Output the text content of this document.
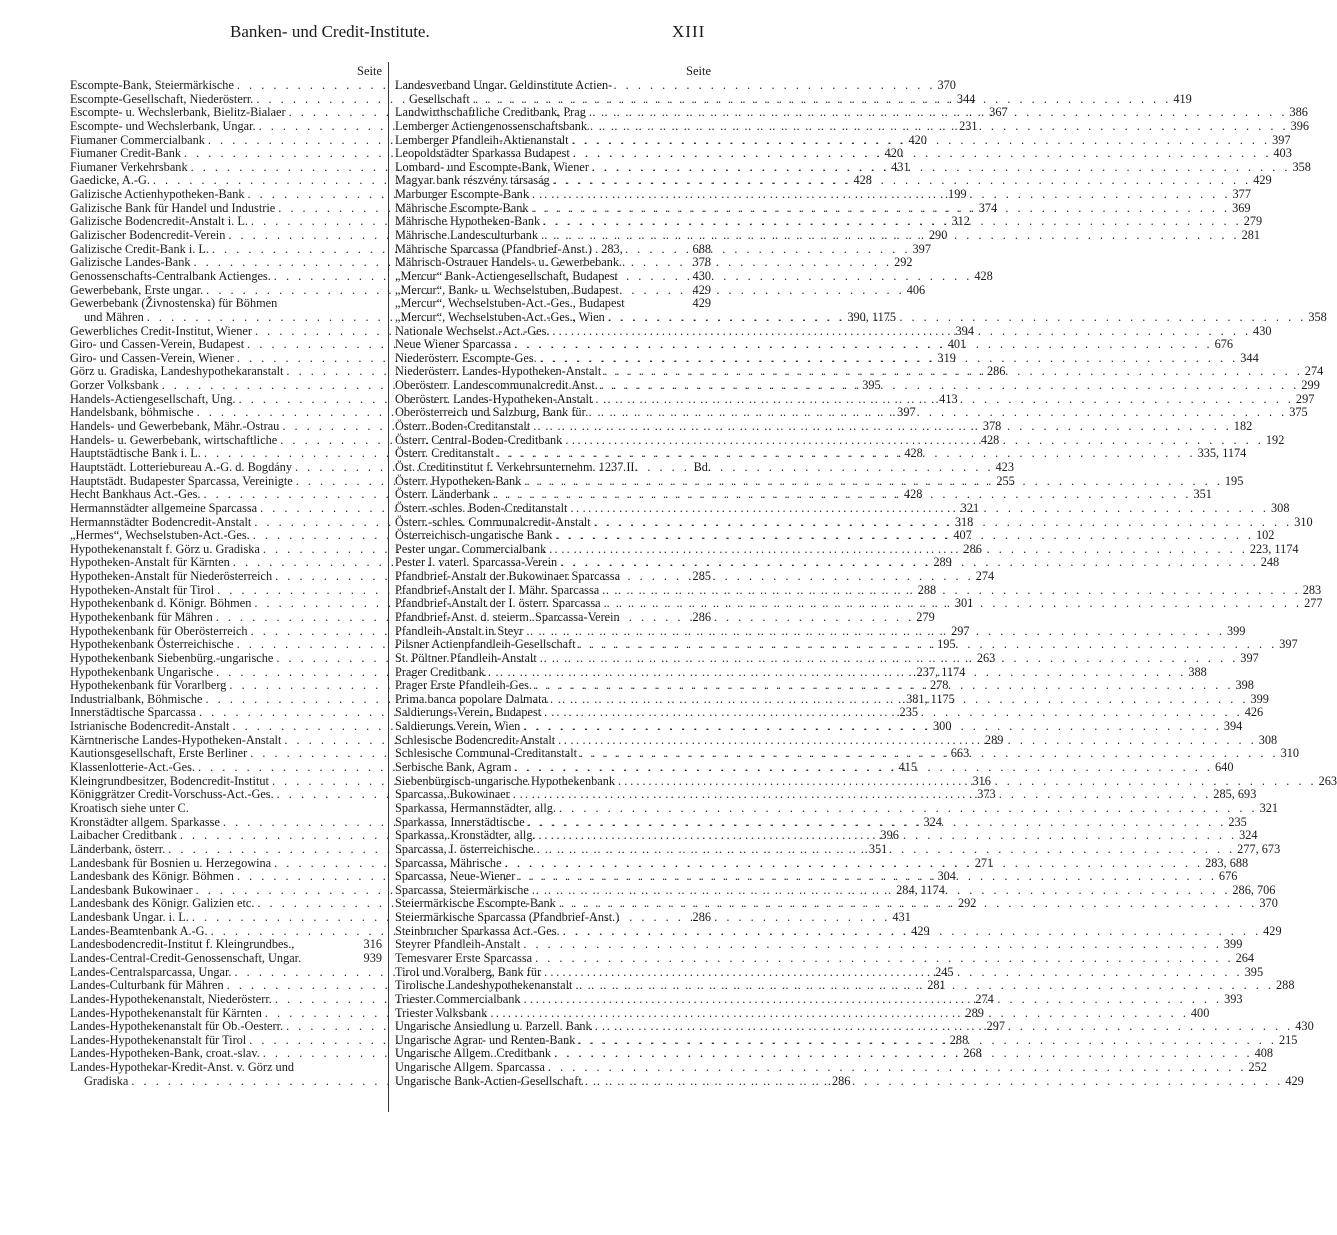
Banken- und Credit-Institute.	XIII
Seite
Escompte-Bank, Steiermärkische . . .	370
Escompte-Gesellschaft, Niederösterr. . . .	344
Escompte- u. Wechslerbank, Bielitz-Bialaer . . .	367
Escompte- und Wechslerbank, Ungar. . . .	231
Fiumaner Commercialbank . . .	420
Fiumaner Credit-Bank . . .	420
Fiumaner Verkehrsbank . . .	431
Gaedicke, A.-G. . . .	428
Galizische Actienhypotheken-Bank . . .	199
Galizische Bank für Handel und Industrie . . .	374
Galizische Bodencredit-Anstalt i. L. . . .	312
Galizischer Bodencredit-Verein . . .	290
Galizische Credit-Bank i. L. . . .	397
Galizische Landes-Bank . . .	292
Genossenschafts-Centralbank Actienges. . . .	428
Gewerbebank, Erste ungar. . . .	406
Gewerbebank (Živnostenska) für Böhmen
und Mähren . . .	390, 1175
Gewerbliches Credit-Institut, Wiener . . .	394
Giro- und Cassen-Verein, Budapest . . .	401
Giro- und Cassen-Verein, Wiener . . .	319
Görz u. Gradiska, Landeshypothekaranstalt . . .	286
Gorzer Volksbank . . .	395
Handels-Actiengesellschaft, Ung. . . .	413
Handelsbank, böhmische . . .	397
Handels- und Gewerbebank, Mähr.-Ostrau . . .	378
Handels- u. Gewerbebank, wirtschaftliche . . .	428
Hauptstädtische Bank i. L. . . .	428
Hauptstädt. Lotteriebureau A.-G. d. Bogdány . . .	423
Hauptstädt. Budapester Sparcassa, Vereinigte . . .	255
Hecht Bankhaus Act.-Ges. . . .	428
Hermannstädter allgemeine Sparcassa . . .	321
Hermannstädter Bodencredit-Anstalt . . .	318
„Hermes“, Wechselstuben-Act.-Ges. . . .	407
Hypothekenanstalt f. Görz u. Gradiska . . .	286
Hypotheken-Anstalt für Kärnten . . .	289
Hypotheken-Anstalt für Niederösterreich . . .	274
Hypotheken-Anstalt für Tirol . . .	288
Hypothekenbank d. Königr. Böhmen . . .	301
Hypothekenbank für Mähren . . .	279
Hypothekenbank für Oberösterreich . . .	297
Hypothekenbank Österreichische . . .	195
Hypothekenbank Siebenbürg.-ungarische . . .	263
Hypothekenbank Ungarische . . .	237, 1174
Hypothekenbank für Vorarlberg . . .	278
Industrialbank, Böhmische . . .	381, 1175
Innerstädtische Sparcassa . . .	235
Istrianische Bodencredit-Anstalt . . .	300
Kärntnerische Landes-Hypotheken-Anstalt . . .	289
Kautionsgesellschaft, Erste Berliner . . .	663
Klassenlotterie-Act.-Ges. . . .	415
Kleingrundbesitzer, Bodencredit-Institut . . .	316
Königgrätzer Credit-Vorschuss-Act.-Ges. . . .	373
Kroatisch siehe unter C.
Kronstädter allgem. Sparkasse . . .	324
Laibacher Creditbank . . .	396
Länderbank, österr. . . .	351
Landesbank für Bosnien u. Herzegowina . . .	271
Landesbank des Königr. Böhmen . . .	304
Landesbank Bukowinaer . . .	284, 1174
Landesbank des Königr. Galizien etc. . . .	292
Landesbank Ungar. i. L. . . .	431
Landes-Beamtenbank A.-G. . . .	429
Landesbodencredit-Institut f. Kleingrundbes.,	316
Landes-Central-Credit-Genossenschaft, Ungar.	939
Landes-Centralsparcassa, Ungar. . . .	245
Landes-Culturbank für Mähren . . .	281
Landes-Hypothekenanstalt, Niederösterr. . . .	274
Landes-Hypothekenanstalt für Kärnten . . .	289
Landes-Hypothekenanstalt für Ob.-Oesterr. . . .	297
Landes-Hypothekenanstalt für Tirol . . .	288
Landes-Hypotheken-Bank, croat.-slav. . . .	268
Landes-Hypothekar-Kredit-Anst. v. Görz und
Gradiska . . .	286
Seite
Landesverband Ungar. Geldinstitute Actien-
Gesellschaft . . .	419
Landwirthschaftliche Creditbank, Prag . . .	386
Lemberger Actiengenossenschaftsbank . . .	396
Lemberger Pfandleih-Aktienanstalt . . .	397
Leopoldstädter Sparkassa Budapest . . .	403
Lombard- und Escompte-Bank, Wiener . . .	358
Magyar bank részvény társaság . . .	429
Marburger Escompte-Bank . . .	377
Mährische Escompte-Bank . . .	369
Mährische Hypotheken-Bank . . .	279
Mährische Landesculturbank . . .	281
Mährische Sparcassa (Pfandbrief-Anst.) . 283,	688
Mährisch-Ostrauer Handels- u. Gewerbebank .	378
„Mercur“ Bank-Actiengesellschaft, Budapest	430
„Mercur“, Bank- u. Wechselstuben, Budapest	429
„Mercur“, Wechselstuben-Act.-Ges., Budapest	429
„Mercur“, Wechselstuben-Act.-Ges., Wien . . .	358
Nationale Wechselst.-Act.-Ges. . . .	430
Neue Wiener Sparcassa . . .	676
Niederösterr. Escompte-Ges. . . .	344
Niederösterr. Landes-Hypotheken-Anstalt . . .	274
Oberösterr. Landescommunalcredit.Anst. . . .	299
Oberösterr. Landes-Hypotheken-Anstalt . . .	297
Oberösterreich und Salzburg, Bank für . . .	375
Österr. Boden-Creditanstalt . . .	182
Österr. Central-Boden-Creditbank . . .	192
Österr. Creditanstalt . . .	335, 1174
Öst. Creditinstitut f. Verkehrsunternehm. 1237 II.	Bd.
Österr. Hypotheken-Bank . . .	195
Österr. Länderbank . . .	351
Österr.-schles. Boden-Creditanstalt . . .	308
Österr.-schles. Communalcredit-Anstalt . . .	310
Österreichisch-ungarische Bank . . .	102
Pester ungar. Commercialbank . . .	223, 1174
Pester I. vaterl. Sparcassa-Verein . . .	248
Pfandbrief-Anstalt der Bukowinaer Sparcassa	285
Pfandbrief-Anstalt der I. Mähr. Sparcassa . . .	283
Pfandbrief-Anstalt der I. österr. Sparcassa . . .	277
Pfandbrief-Anst. d. steierm. Sparcassa-Verein	286
Pfandleih-Anstalt in Steyr . . .	399
Pilsner Actienpfandleih-Gesellschaft . . .	397
St. Pöltner Pfandleih-Anstalt . . .	397
Prager Creditbank . . .	388
Prager Erste Pfandleih-Ges. . . .	398
Prima banca popolare Dalmata . . .	399
Saldierungs-Verein, Budapest . . .	426
Saldierungs.Verein, Wien . . .	394
Schlesische Bodencredit-Anstalt . . .	308
Schlesische Communal-Creditanstalt . . .	310
Serbische Bank, Agram . . .	640
Siebenbürgisch-ungarische Hypothekenbank . . .	263
Sparcassa, Bukowinaer . . .	285, 693
Sparkassa, Hermannstädter, allg. . . .	321
Sparkassa, Innerstädtische . . .	235
Sparkassa, Kronstädter, allg. . . .	324
Sparcassa, I. österreichische . . .	277, 673
Sparcassa, Mährische . . .	283, 688
Sparcassa, Neue-Wiener . . .	676
Sparcassa, Steiermärkische . . .	286, 706
Steiermärkische Escompte-Bank . . .	370
Steiermärkische Sparcassa (Pfandbrief-Anst.)	286
Steinbrucher Sparkassa Act.-Ges. . . .	429
Steyrer Pfandleih-Anstalt . . .	399
Temesvarer Erste Sparcassa . . .	264
Tirol und Voralberg, Bank für . . .	395
Tirolische Landeshypothekenanstalt . . .	288
Triester Commercialbank . . .	393
Triester Volksbank . . .	400
Ungarische Ansiedlung u. Parzell. Bank . . .	430
Ungarische Agrar- und Renten-Bank . . .	215
Ungarische Allgem. Creditbank . . .	408
Ungarische Allgem. Sparcassa . . .	252
Ungarische Bank-Actien-Gesellschaft . . .	429
